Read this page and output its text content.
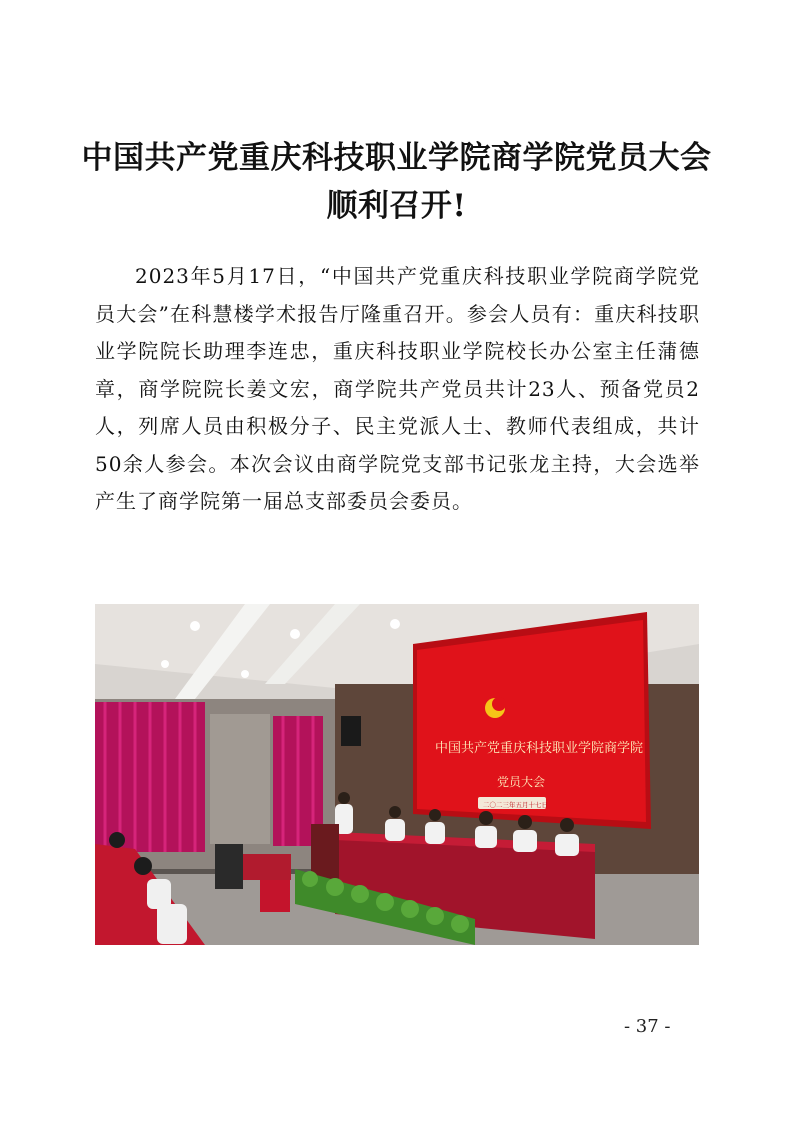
中国共产党重庆科技职业学院商学院党员大会
顺利召开!

2023年5月17日，“中国共产党重庆科技职业学院商学院党员大会”在科慧楼学术报告厅隆重召开。参会人员有：重庆科技职业学院院长助理李连忠，重庆科技职业学院校长办公室主任蒲德章，商学院院长姜文宏，商学院共产党员共计23人、预备党员2人，列席人员由积极分子、民主党派人士、教师代表组成，共计50余人参会。本次会议由商学院党支部书记张龙主持，大会选举产生了商学院第一届总支部委员会委员。

中国共产党重庆科技职业学院商学院
党员大会
二〇二三年五月十七日
- 37 -
